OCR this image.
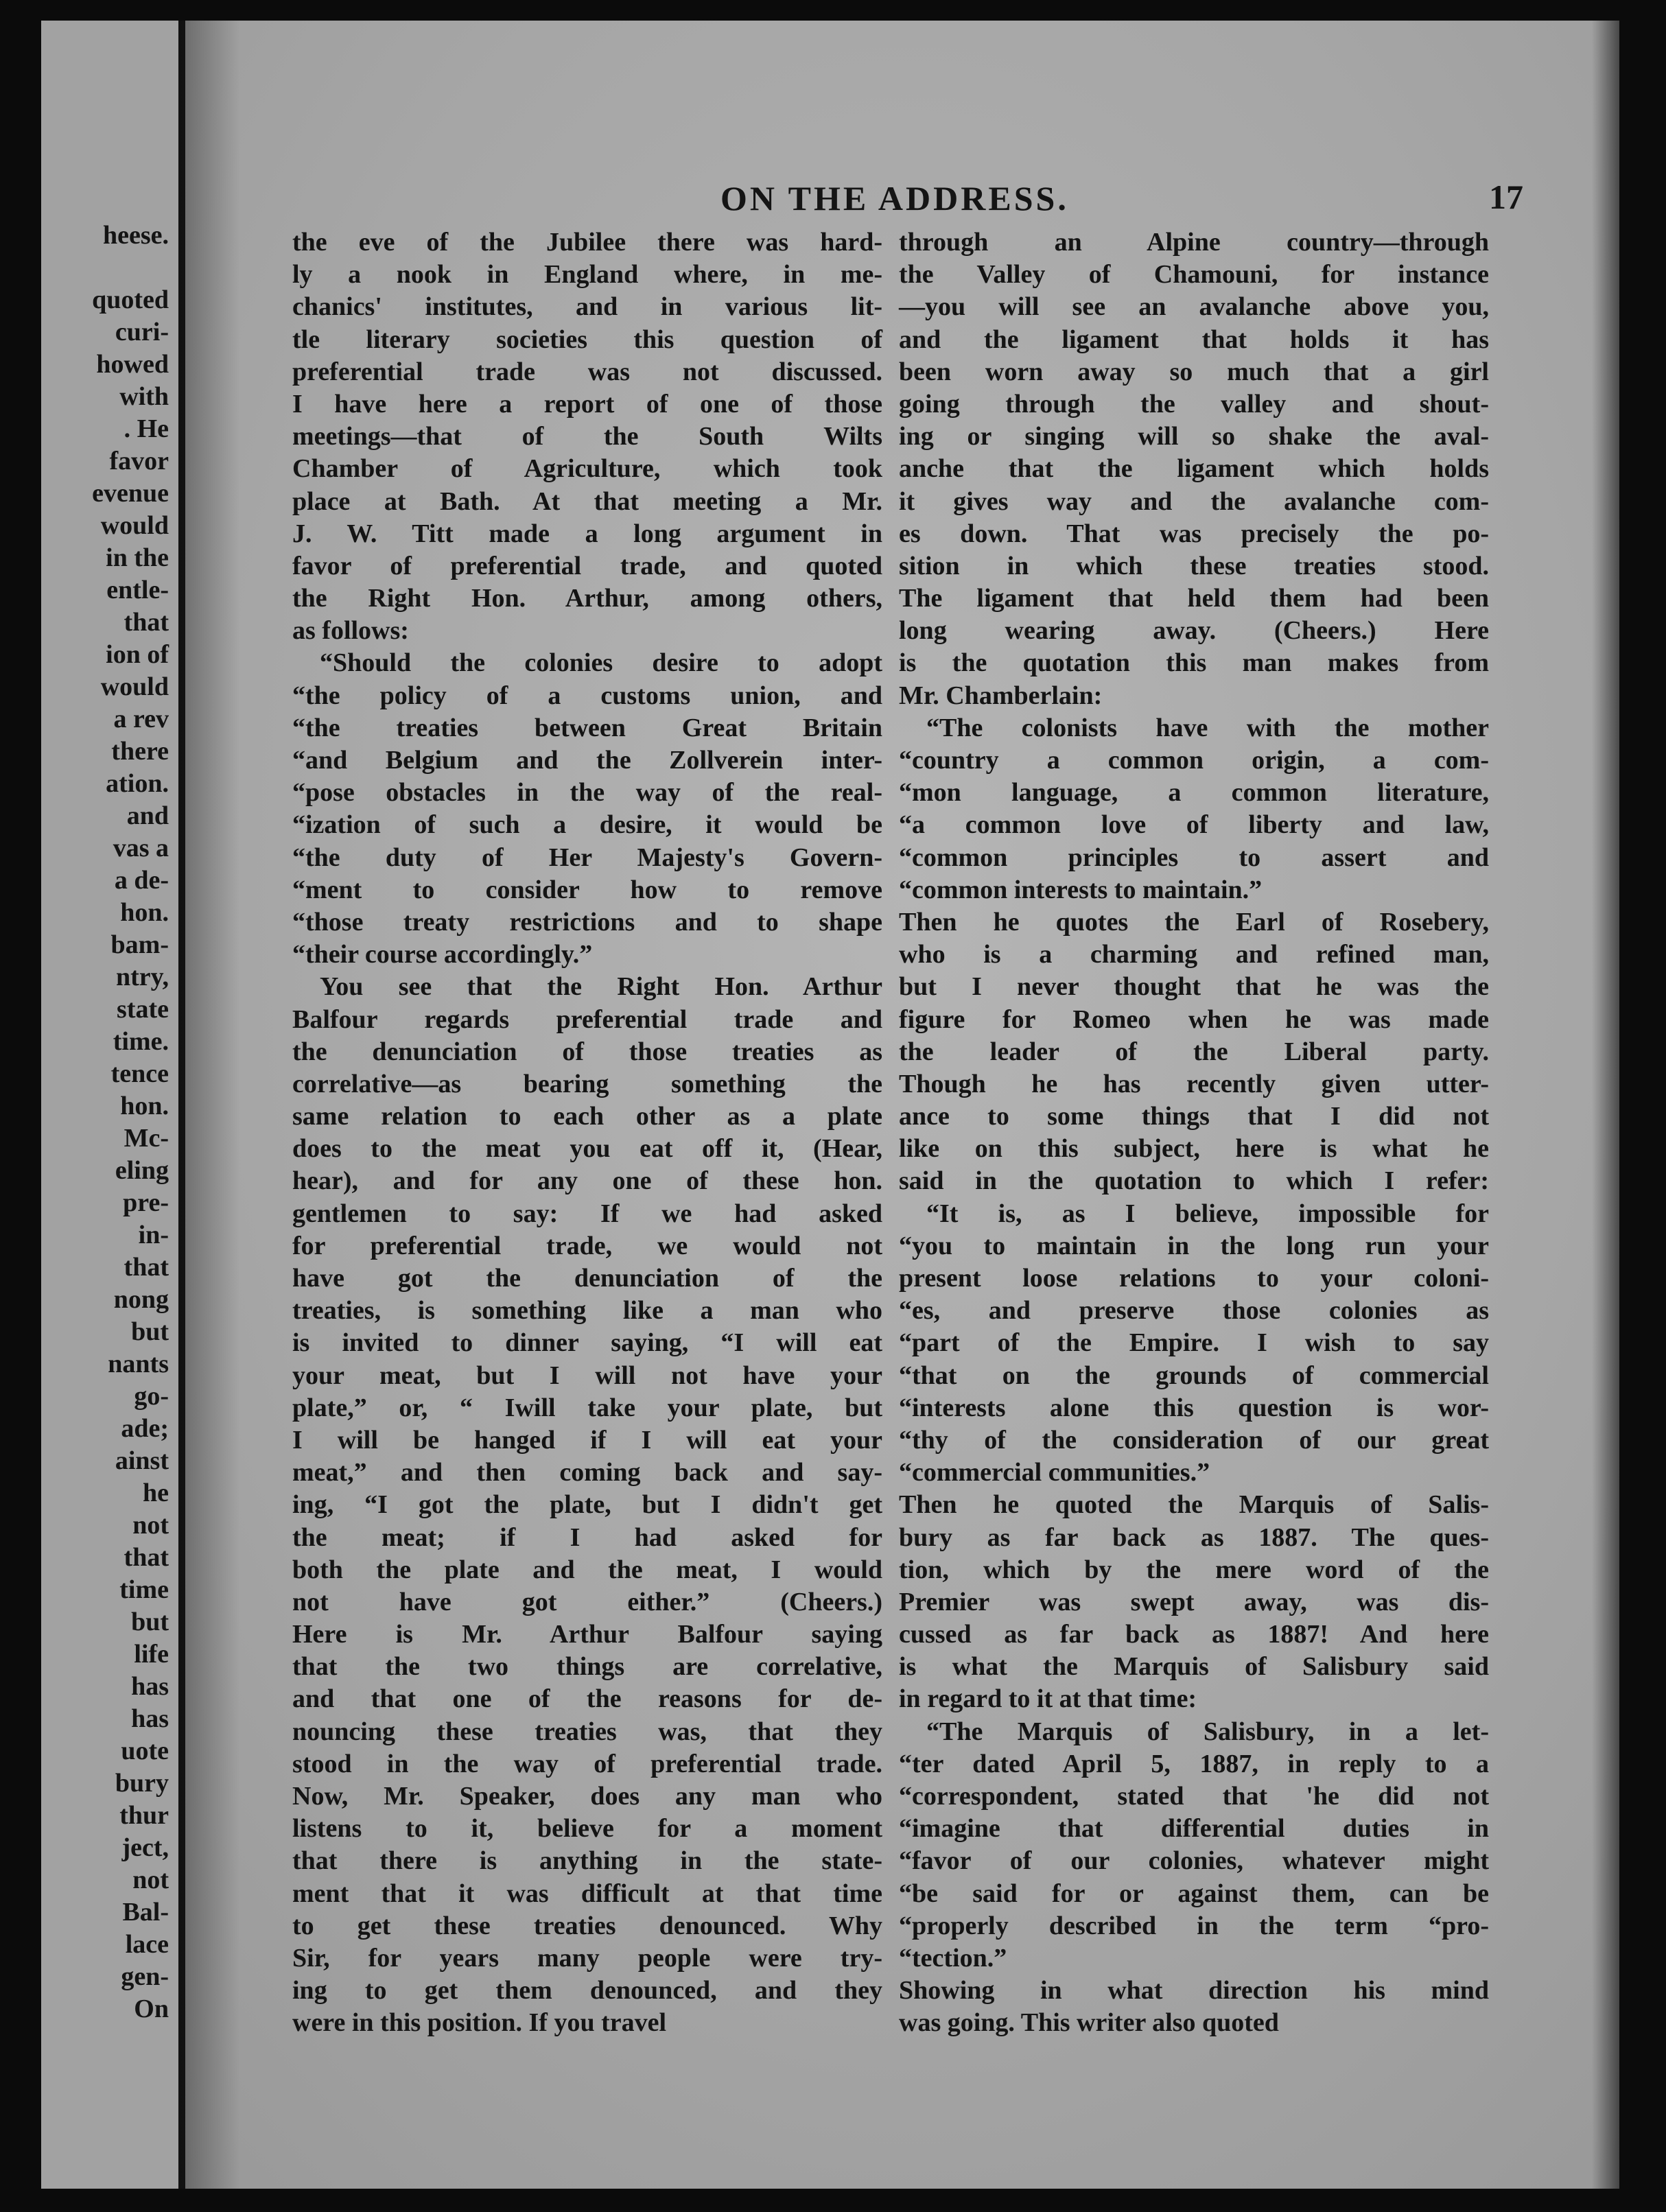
heese.
quoted
curi-
howed
with
. He
favor
evenue
would
in the
entle-
that
ion of
would
a rev
there
ation.
and
vas a
a de-
hon.
bam-
ntry,
state
time.
tence
hon.
Mc-
eling
pre-
in-
that
nong
but
nants
go-
ade;
ainst
he
not
that
time
but
life
has
has
uote
bury
thur
ject,
not
Bal-
lace
gen-
On
ON THE ADDRESS.	17
the eve of the Jubilee there was hard-
ly a nook in England where, in me-
chanics' institutes, and in various lit-
tle literary societies this question of
preferential trade was not discussed.
I have here a report of one of those
meetings—that of the South Wilts
Chamber of Agriculture, which took
place at Bath. At that meeting a Mr.
J. W. Titt made a long argument in
favor of preferential trade, and quoted
the Right Hon. Arthur, among others,
as follows:
“Should the colonies desire to adopt
“the policy of a customs union, and
“the treaties between Great Britain
“and Belgium and the Zollverein inter-
“pose obstacles in the way of the real-
“ization of such a desire, it would be
“the duty of Her Majesty's Govern-
“ment to consider how to remove
“those treaty restrictions and to shape
“their course accordingly.”
You see that the Right Hon. Arthur
Balfour regards preferential trade and
the denunciation of those treaties as
correlative—as bearing something the
same relation to each other as a plate
does to the meat you eat off it, (Hear,
hear), and for any one of these hon.
gentlemen to say: If we had asked
for preferential trade, we would not
have got the denunciation of the
treaties, is something like a man who
is invited to dinner saying, “I will eat
your meat, but I will not have your
plate,” or, “ Iwill take your plate, but
I will be hanged if I will eat your
meat,” and then coming back and say-
ing, “I got the plate, but I didn't get
the meat; if I had asked for
both the plate and the meat, I would
not have got either.” (Cheers.)
Here is Mr. Arthur Balfour saying
that the two things are correlative,
and that one of the reasons for de-
nouncing these treaties was, that they
stood in the way of preferential trade.
Now, Mr. Speaker, does any man who
listens to it, believe for a moment
that there is anything in the state-
ment that it was difficult at that time
to get these treaties denounced. Why
Sir, for years many people were try-
ing to get them denounced, and they
were in this position. If you travel
through an Alpine country—through
the Valley of Chamouni, for instance
—you will see an avalanche above you,
and the ligament that holds it has
been worn away so much that a girl
going through the valley and shout-
ing or singing will so shake the aval-
anche that the ligament which holds
it gives way and the avalanche com-
es down. That was precisely the po-
sition in which these treaties stood.
The ligament that held them had been
long wearing away. (Cheers.) Here
is the quotation this man makes from
Mr. Chamberlain:
“The colonists have with the mother
“country a common origin, a com-
“mon language, a common literature,
“a common love of liberty and law,
“common principles to assert and
“common interests to maintain.”
Then he quotes the Earl of Rosebery,
who is a charming and refined man,
but I never thought that he was the
figure for Romeo when he was made
the leader of the Liberal party.
Though he has recently given utter-
ance to some things that I did not
like on this subject, here is what he
said in the quotation to which I refer:
“It is, as I believe, impossible for
“you to maintain in the long run your
present loose relations to your coloni-
“es, and preserve those colonies as
“part of the Empire. I wish to say
“that on the grounds of commercial
“interests alone this question is wor-
“thy of the consideration of our great
“commercial communities.”
Then he quoted the Marquis of Salis-
bury as far back as 1887. The ques-
tion, which by the mere word of the
Premier was swept away, was dis-
cussed as far back as 1887! And here
is what the Marquis of Salisbury said
in regard to it at that time:
“The Marquis of Salisbury, in a let-
“ter dated April 5, 1887, in reply to a
“correspondent, stated that 'he did not
“imagine that differential duties in
“favor of our colonies, whatever might
“be said for or against them, can be
“properly described in the term “pro-
“tection.”
Showing in what direction his mind
was going. This writer also quoted
